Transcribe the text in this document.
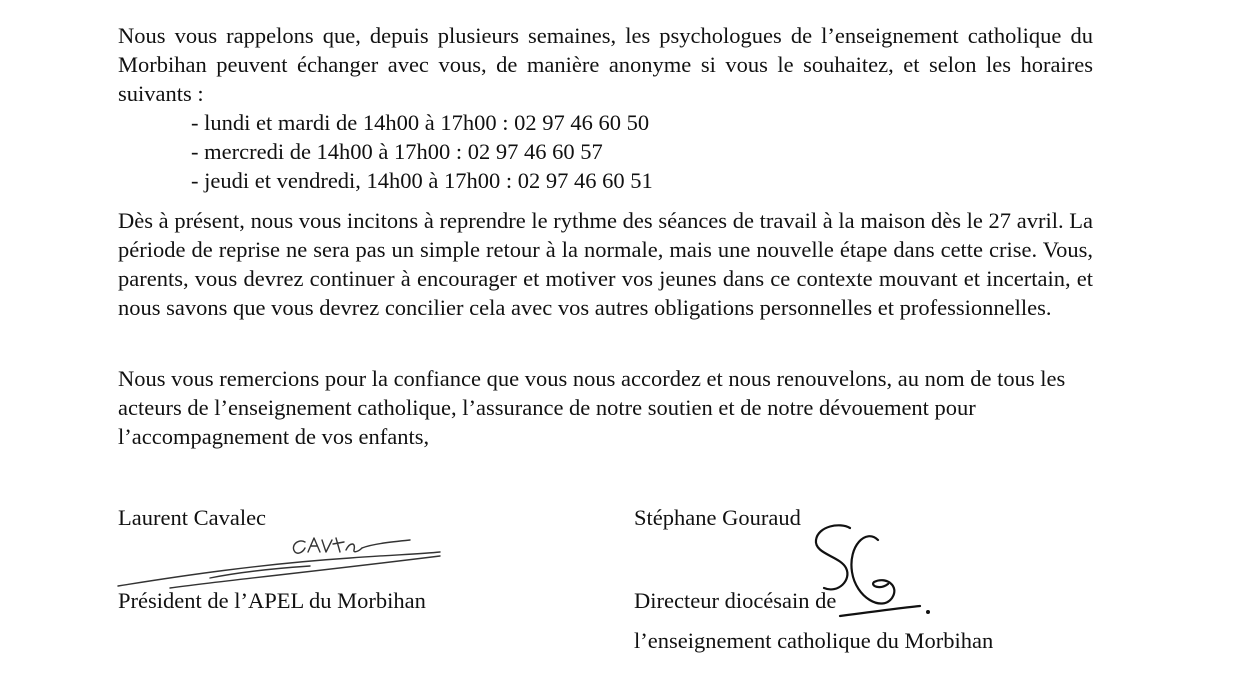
Nous vous rappelons que, depuis plusieurs semaines, les psychologues de l’enseignement catholique du Morbihan peuvent échanger avec vous, de manière anonyme si vous le souhaitez, et selon les horaires suivants :

- lundi et mardi de 14h00 à 17h00 : 02 97 46 60 50
- mercredi de 14h00 à 17h00 : 02 97 46 60 57
- jeudi et vendredi, 14h00 à 17h00 : 02 97 46 60 51

Dès à présent, nous vous incitons à reprendre le rythme des séances de travail à la maison dès le 27 avril. La période de reprise ne sera pas un simple retour à la normale, mais une nouvelle étape dans cette crise. Vous, parents, vous devrez continuer à encourager et motiver vos jeunes dans ce contexte mouvant et incertain, et nous savons que vous devrez concilier cela avec vos autres obligations personnelles et professionnelles.

Nous vous remercions pour la confiance que vous nous accordez et nous renouvelons, au nom de tous les acteurs de l’enseignement catholique, l’assurance de notre soutien et de notre dévouement pour l’accompagnement de vos enfants,

Laurent Cavalec
Président de l’APEL du Morbihan
Stéphane Gouraud
Directeur diocésain de
l’enseignement catholique du Morbihan
